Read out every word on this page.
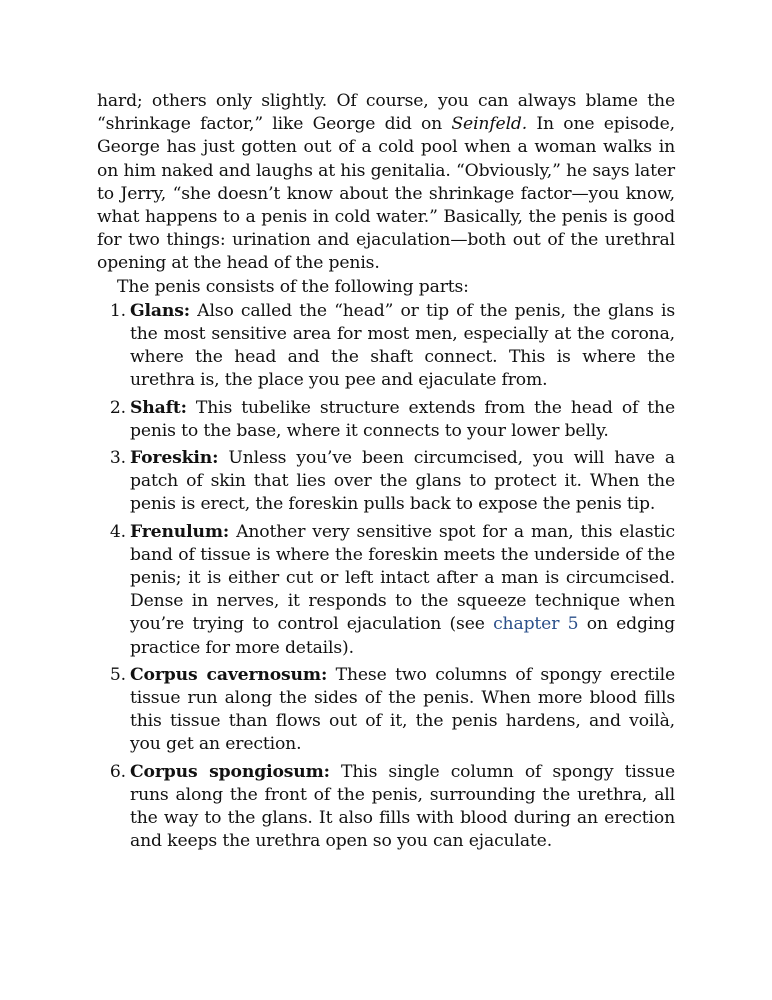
hard; others only slightly. Of course, you can always blame the “shrinkage factor,” like George did on Seinfeld. In one episode, George has just gotten out of a cold pool when a woman walks in on him naked and laughs at his genitalia. “Obviously,” he says later to Jerry, “she doesn’t know about the shrinkage factor—you know, what happens to a penis in cold water.” Basically, the penis is good for two things: urination and ejaculation—both out of the urethral opening at the head of the penis.

The penis consists of the following parts:

1. Glans: Also called the “head” or tip of the penis, the glans is the most sensitive area for most men, especially at the corona, where the head and the shaft connect. This is where the urethra is, the place you pee and ejaculate from.
2. Shaft: This tubelike structure extends from the head of the penis to the base, where it connects to your lower belly.
3. Foreskin: Unless you’ve been circumcised, you will have a patch of skin that lies over the glans to protect it. When the penis is erect, the foreskin pulls back to expose the penis tip.
4. Frenulum: Another very sensitive spot for a man, this elastic band of tissue is where the foreskin meets the underside of the penis; it is either cut or left intact after a man is circumcised. Dense in nerves, it responds to the squeeze technique when you’re trying to control ejaculation (see chapter 5 on edging practice for more details).
5. Corpus cavernosum: These two columns of spongy erectile tissue run along the sides of the penis. When more blood fills this tissue than flows out of it, the penis hardens, and voilà, you get an erection.
6. Corpus spongiosum: This single column of spongy tissue runs along the front of the penis, surrounding the urethra, all the way to the glans. It also fills with blood during an erection and keeps the urethra open so you can ejaculate.
